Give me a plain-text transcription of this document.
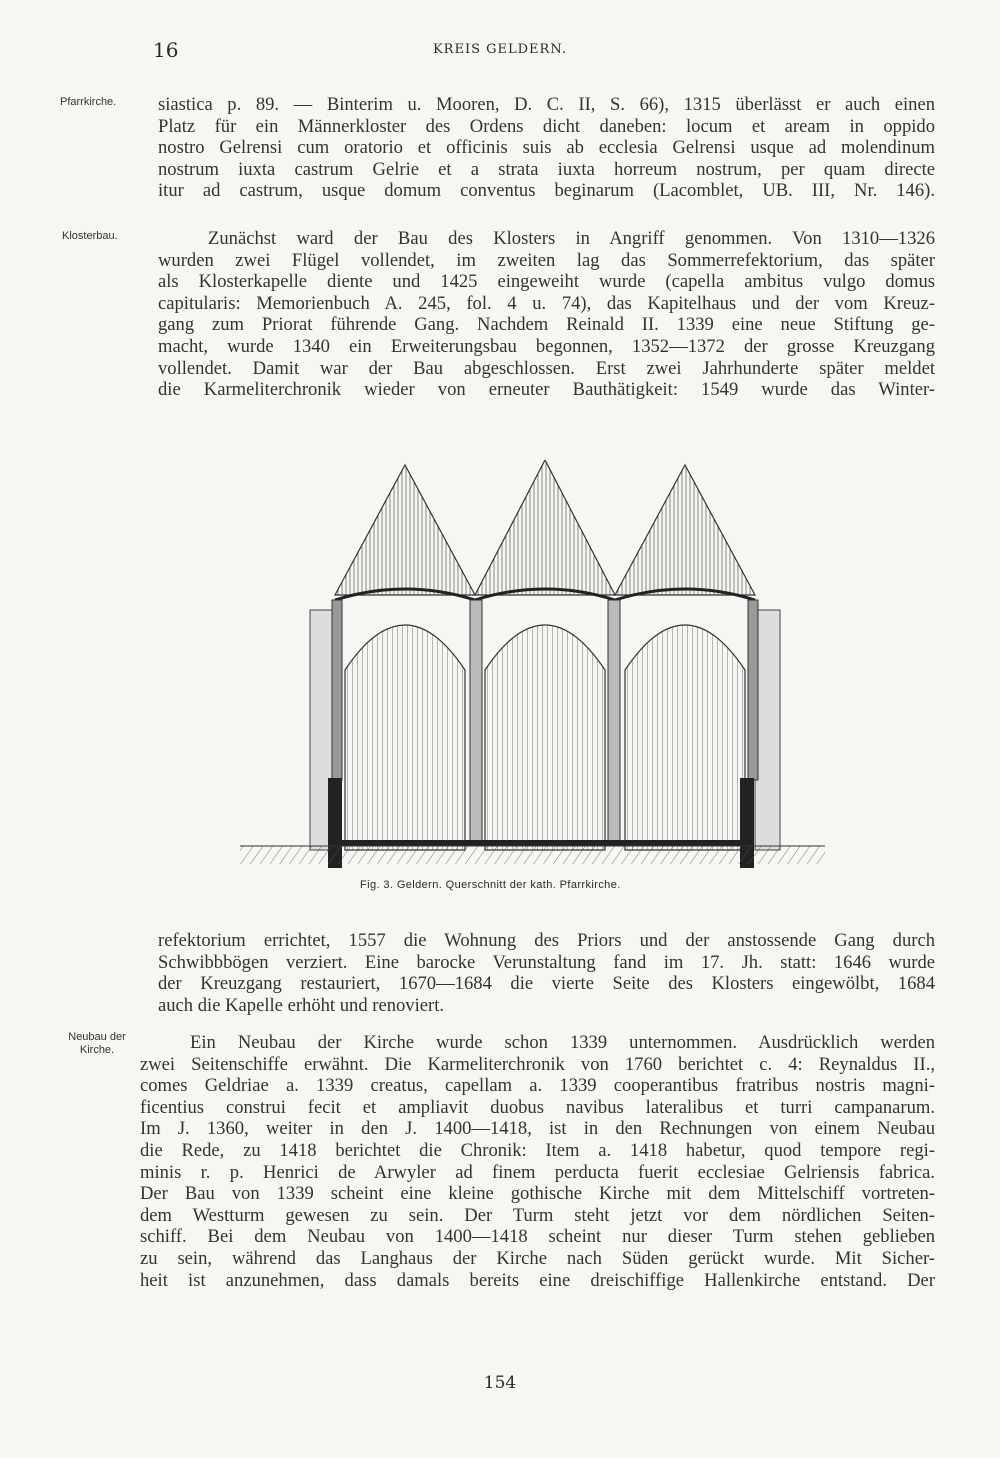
16	KREIS GELDERN.
Pfarrkirche.
Klosterbau.
Neubau der
Kirche.
siastica p. 89. — Binterim u. Mooren, D. C. II, S. 66), 1315 überlässt er auch einen
Platz für ein Männerkloster des Ordens dicht daneben: locum et aream in oppido
nostro Gelrensi cum oratorio et officinis suis ab ecclesia Gelrensi usque ad molendinum
nostrum iuxta castrum Gelrie et a strata iuxta horreum nostrum, per quam directe
itur ad castrum, usque domum conventus beginarum (Lacomblet, UB. III, Nr. 146).
Zunächst ward der Bau des Klosters in Angriff genommen. Von 1310—1326
wurden zwei Flügel vollendet, im zweiten lag das Sommerrefektorium, das später
als Klosterkapelle diente und 1425 eingeweiht wurde (capella ambitus vulgo domus
capitularis: Memorienbuch A. 245, fol. 4 u. 74), das Kapitelhaus und der vom Kreuz-
gang zum Priorat führende Gang. Nachdem Reinald II. 1339 eine neue Stiftung ge-
macht, wurde 1340 ein Erweiterungsbau begonnen, 1352—1372 der grosse Kreuzgang
vollendet. Damit war der Bau abgeschlossen. Erst zwei Jahrhunderte später meldet
die Karmeliterchronik wieder von erneuter Bauthätigkeit: 1549 wurde das Winter-
Fig. 3. Geldern. Querschnitt der kath. Pfarrkirche.
refektorium errichtet, 1557 die Wohnung des Priors und der anstossende Gang durch
Schwibbbögen verziert. Eine barocke Verunstaltung fand im 17. Jh. statt: 1646 wurde
der Kreuzgang restauriert, 1670—1684 die vierte Seite des Klosters eingewölbt, 1684
auch die Kapelle erhöht und renoviert.
Ein Neubau der Kirche wurde schon 1339 unternommen. Ausdrücklich werden
zwei Seitenschiffe erwähnt. Die Karmeliterchronik von 1760 berichtet c. 4: Reynaldus II.,
comes Geldriae a. 1339 creatus, capellam a. 1339 cooperantibus fratribus nostris magni-
ficentius construi fecit et ampliavit duobus navibus lateralibus et turri campanarum.
Im J. 1360, weiter in den J. 1400—1418, ist in den Rechnungen von einem Neubau
die Rede, zu 1418 berichtet die Chronik: Item a. 1418 habetur, quod tempore regi-
minis r. p. Henrici de Arwyler ad finem perducta fuerit ecclesiae Gelriensis fabrica.
Der Bau von 1339 scheint eine kleine gothische Kirche mit dem Mittelschiff vortreten-
dem Westturm gewesen zu sein. Der Turm steht jetzt vor dem nördlichen Seiten-
schiff. Bei dem Neubau von 1400—1418 scheint nur dieser Turm stehen geblieben
zu sein, während das Langhaus der Kirche nach Süden gerückt wurde. Mit Sicher-
heit ist anzunehmen, dass damals bereits eine dreischiffige Hallenkirche entstand. Der
154
